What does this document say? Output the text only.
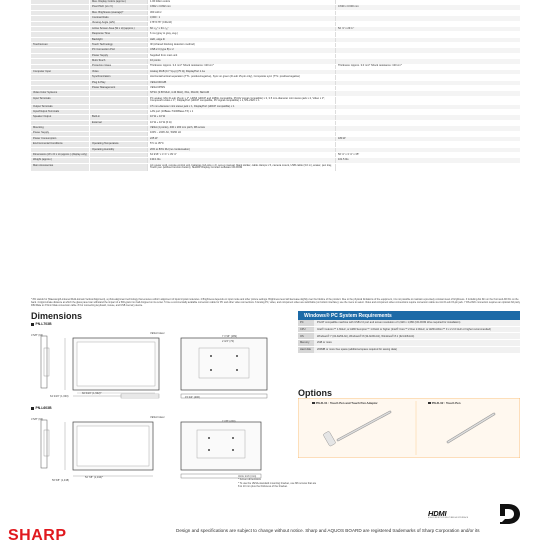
Max. Display Colors (approx.)	1.06 billion colors
Pixel Pitch (H x V)	0.802 x 0.802 mm	0.630 x 0.630 mm
Max. Brightness (average)*	300 cd/m²
Contrast Ratio	3,000 : 1
Viewing Angle (H/V)	176°/176° (CR≥10)
Active Screen Area (W x H) (approx.)	60 ⁵⁄₁₆" x 34 ⁷⁄₁₆"	52 ⅞" x 29 ¾"
Response Time	6 ms (gray to gray, avg.)
Backlight	LED, edge lit
Touchscreen	Touch Technology	IR (infrared blocking detection method)
PC Connection Port	USB 2.0 (type B) x 2
Power Supply	Supplied from main unit
Multi-Touch	10 points
Protection Glass	Thickness: Approx. 3.4 mm* Shock resistance: 130 cm*	Thickness: Approx. 3.0 mm* Shock resistance: 130 cm*
Computer Input	Video	Analog RGB (0.7 Vp-p) [75 Ω], DisplayPort 1.1a
Synchronization	Horizontal/vertical separation (TTL: positive/negative), Sync on green (D-sub 15-pin only), Composite sync (TTL: positive/negative)
Plug & Play	VESA DDC2B
Power Management	VESA DPMS
Video Color Systems	NTSC (3.58 MHz, 4.43 MHz), PAL, PAL60, SECAM
Input Terminals	PC analog: Mini D-sub 15-pin x 1*, HDMI (HDCP and 1080p compatible, PC/AV signal compatible) x 3, 3.5 mm-diameter mini stereo jack x 2, Video x 1*, Component video x 1*, DisplayPort (HDCP compatible, PC signal compatible) x 1, RS-232C x 1
Output Terminals	3.5 mm-diameter mini stereo jack x 1, DisplayPort (HDCP compatible) x 1
Input/Output Terminals	LAN port (10Base-T/100Base-TX) x 1
Speaker Output	Built-in	10 W + 10 W
External	10 W + 10 W (6 Ω)
Mounting	VESA (4 points), 400 x 200 mm pitch, M6 screw
Power Supply	100V – 240V AC, 50/60 Hz
Power Consumption	225 W	180 W
Environmental Conditions	Operating Temperature	5°C to 35°C
Operating Humidity	20% to 80% RH (no condensation)
Dimensions (W x D x H (approx.) (display only)	64 3⁄16" x 3 ⅝" x 39 ⅝"	56 ⅝" x 3 ⅝" x 35"
Weight (approx.)	130.1 lbs	101.5 lbs
Main Accessories	AC power cord, remote control unit, batteries (AA size x 2), set-up manual, blank sticker, cable clamps x 5, camera mount, USB cable (3.0 m), eraser, pen tray, Touch pen (without function button), SHARP Display Connect software CD-ROM
* 8% stands for (Wavelength-induced Multi-domain Vertical Alignment), a photo-alignment technology that ensures uniform alignment of liquid crystal molecules. 2 Brightness depends on input mode and other picture settings. Brightness level will decrease slightly over the lifetime of the product. Due to the physical limitations of the equipment, it is not possible to maintain a precisely constant level of brightness. 3 Including AG film on the front and AR film on the back. 4 Approximate distance at which the glass panel can withstand the impact of a 500-gram iron ball dropped on its center. 5 Use a commercially available conversion cable for PC and other video connections. 6 Analog PC, video, and component video are switchable (on bottom interface); use the menu to select. Video and component video connections require conversion cable via mini D-sub 15-pin jack. 7 RS-232C connection requires an optional 3rd party DIM Male to 3.5mm Male conversion cable. 8 For connecting keyboard, mouse, and USB memory device.
Dimensions
PN-L703B
PN-L603B
3 5/8" (92)
64 3/16" (1,630)
60 5/16" (1,532)*
VESA holes²
7 7/16" (189)
2 3/4" (70)
15 3/4" (400)
3 5/8" (92)
56 5/8" (1,438)
52 7/8" (1,344)*
VESA holes²
7 7/8" (200)
Units: inch (mm)
* Screen dimensions
* To use the VESA-standard mounting bracket, use M6 screws that are 8 to 10 mm plus the thickness of the bracket.
Windows® PC System Requirements
PC	PC/AT compatible machine with USB 2.0 port and screen resolution of 1,920 x 1,080 (CD-ROM drive required for installation)
CPU	Intel® Celeron™ 1.6GHz, or AMD Sempron™ 1.6GHz or higher (Intel® Core™ 2 Duo 2.0GHz, or AMD Athlon™ II x 2 2.0 GHz or higher recommended)
OS	Windows® 7 (32-bit/64-bit), Windows® 8 (32-bit/64-bit), Windows® 8.1 (32-bit/64-bit)
Memory	2GB or more
Hard disk	200MB or more free space (additional space required for saving data)
Options
PN-ZL01 : Touch Pen and Touch Pen Adaptor	PN-ZL02 : Touch Pen
HDMI
HIGH-DEFINITION MULTIMEDIA INTERFACE
SHARP	Design and specifications are subject to change without notice. Sharp and AQUOS BOARD are registered trademarks of Sharp Corporation and/or its
